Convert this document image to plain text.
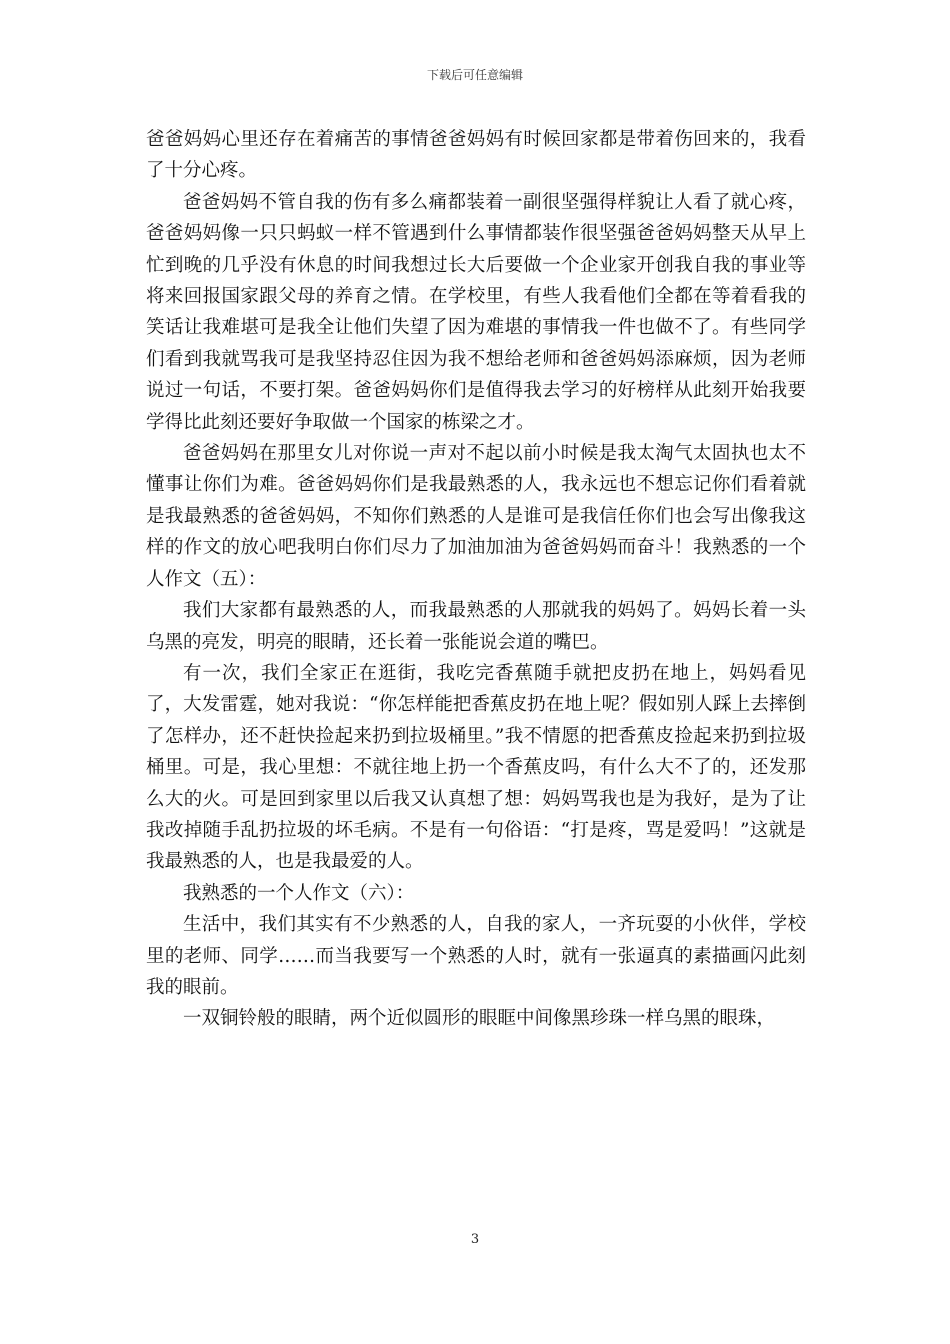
下载后可任意编辑

爸爸妈妈心里还存在着痛苦的事情爸爸妈妈有时候回家都是带着伤回来的，我看了十分心疼。

爸爸妈妈不管自我的伤有多么痛都装着一副很坚强得样貌让人看了就心疼，爸爸妈妈像一只只蚂蚁一样不管遇到什么事情都装作很坚强爸爸妈妈整天从早上忙到晚的几乎没有休息的时间我想过长大后要做一个企业家开创我自我的事业等将来回报国家跟父母的养育之情。在学校里，有些人我看他们全都在等着看我的笑话让我难堪可是我全让他们失望了因为难堪的事情我一件也做不了。有些同学们看到我就骂我可是我坚持忍住因为我不想给老师和爸爸妈妈添麻烦，因为老师说过一句话，不要打架。爸爸妈妈你们是值得我去学习的好榜样从此刻开始我要学得比此刻还要好争取做一个国家的栋梁之才。

爸爸妈妈在那里女儿对你说一声对不起以前小时候是我太淘气太固执也太不懂事让你们为难。爸爸妈妈你们是我最熟悉的人，我永远也不想忘记你们看着就是我最熟悉的爸爸妈妈，不知你们熟悉的人是谁可是我信任你们也会写出像我这样的作文的放心吧我明白你们尽力了加油加油为爸爸妈妈而奋斗！我熟悉的一个人作文（五）：

我们大家都有最熟悉的人，而我最熟悉的人那就我的妈妈了。妈妈长着一头乌黑的亮发，明亮的眼睛，还长着一张能说会道的嘴巴。

有一次，我们全家正在逛街，我吃完香蕉随手就把皮扔在地上，妈妈看见了，大发雷霆，她对我说：“你怎样能把香蕉皮扔在地上呢？假如别人踩上去摔倒了怎样办，还不赶快捡起来扔到拉圾桶里。”我不情愿的把香蕉皮捡起来扔到拉圾桶里。可是，我心里想：不就往地上扔一个香蕉皮吗，有什么大不了的，还发那么大的火。可是回到家里以后我又认真想了想：妈妈骂我也是为我好，是为了让我改掉随手乱扔拉圾的坏毛病。不是有一句俗语：“打是疼，骂是爱吗！”这就是我最熟悉的人，也是我最爱的人。

我熟悉的一个人作文（六）：

生活中，我们其实有不少熟悉的人，自我的家人，一齐玩耍的小伙伴，学校里的老师、同学……而当我要写一个熟悉的人时，就有一张逼真的素描画闪此刻我的眼前。

一双铜铃般的眼睛，两个近似圆形的眼眶中间像黑珍珠一样乌黑的眼珠，

3
